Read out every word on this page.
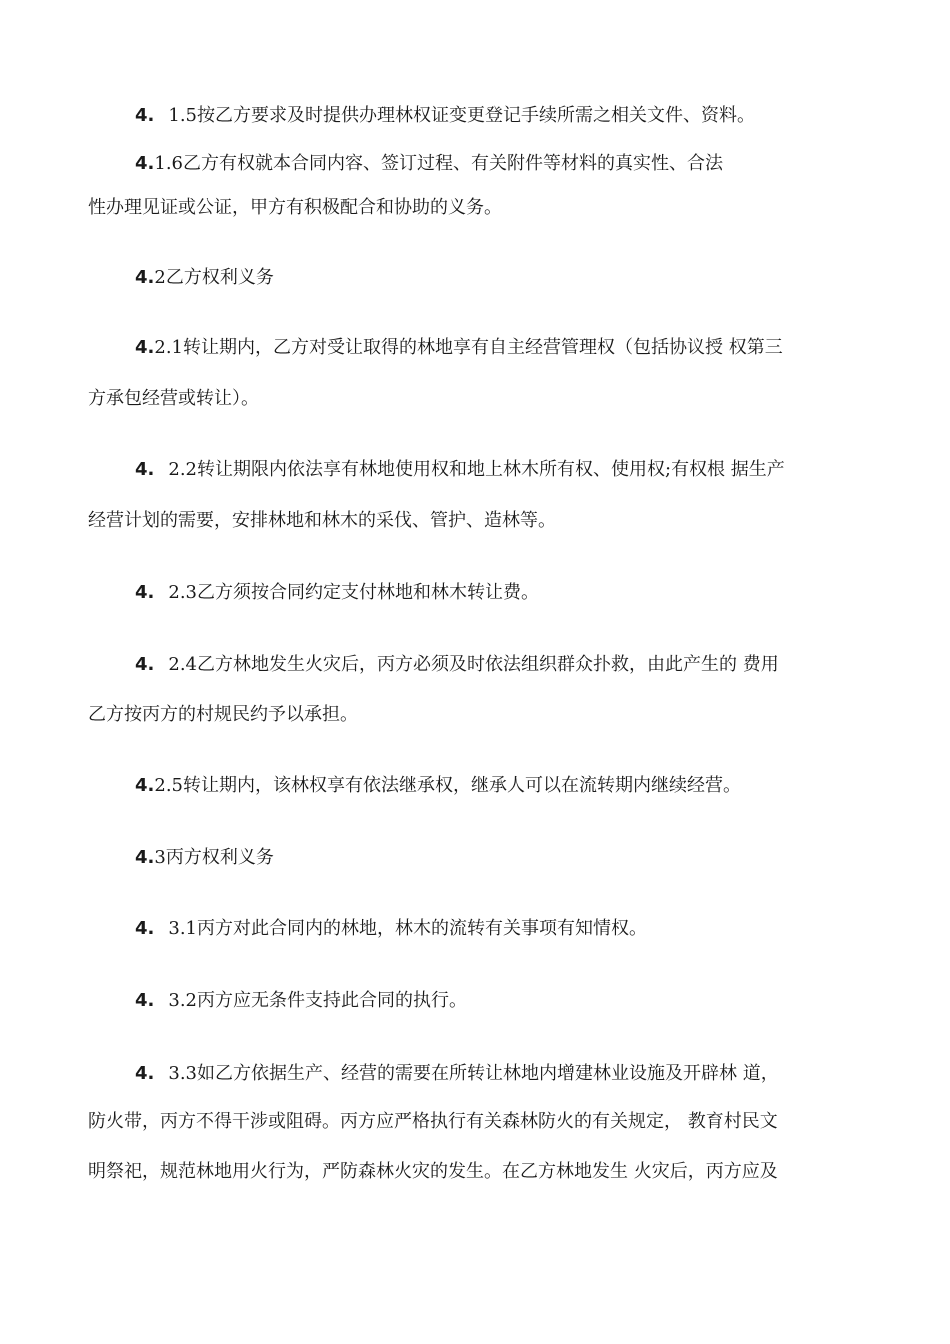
4. 1.5按乙方要求及时提供办理林权证变更登记手续所需之相关文件、资料。
4.1.6乙方有权就本合同内容、签订过程、有关附件等材料的真实性、合法
性办理见证或公证，甲方有积极配合和协助的义务。
4.2乙方权利义务
4.2.1转让期内，乙方对受让取得的林地享有自主经营管理权（包括协议授 权第三
方承包经营或转让）。
4. 2.2转让期限内依法享有林地使用权和地上林木所有权、使用权;有权根 据生产
经营计划的需要，安排林地和林木的采伐、管护、造林等。
4. 2.3乙方须按合同约定支付林地和林木转让费。
4. 2.4乙方林地发生火灾后，丙方必须及时依法组织群众扑救，由此产生的 费用
乙方按丙方的村规民约予以承担。
4.2.5转让期内，该林权享有依法继承权，继承人可以在流转期内继续经营。
4.3丙方权利义务
4. 3.1丙方对此合同内的林地，林木的流转有关事项有知情权。
4. 3.2丙方应无条件支持此合同的执行。
4. 3.3如乙方依据生产、经营的需要在所转让林地内增建林业设施及开辟林 道，
防火带，丙方不得干涉或阻碍。丙方应严格执行有关森林防火的有关规定， 教育村民文
明祭祀，规范林地用火行为，严防森林火灾的发生。在乙方林地发生 火灾后，丙方应及
